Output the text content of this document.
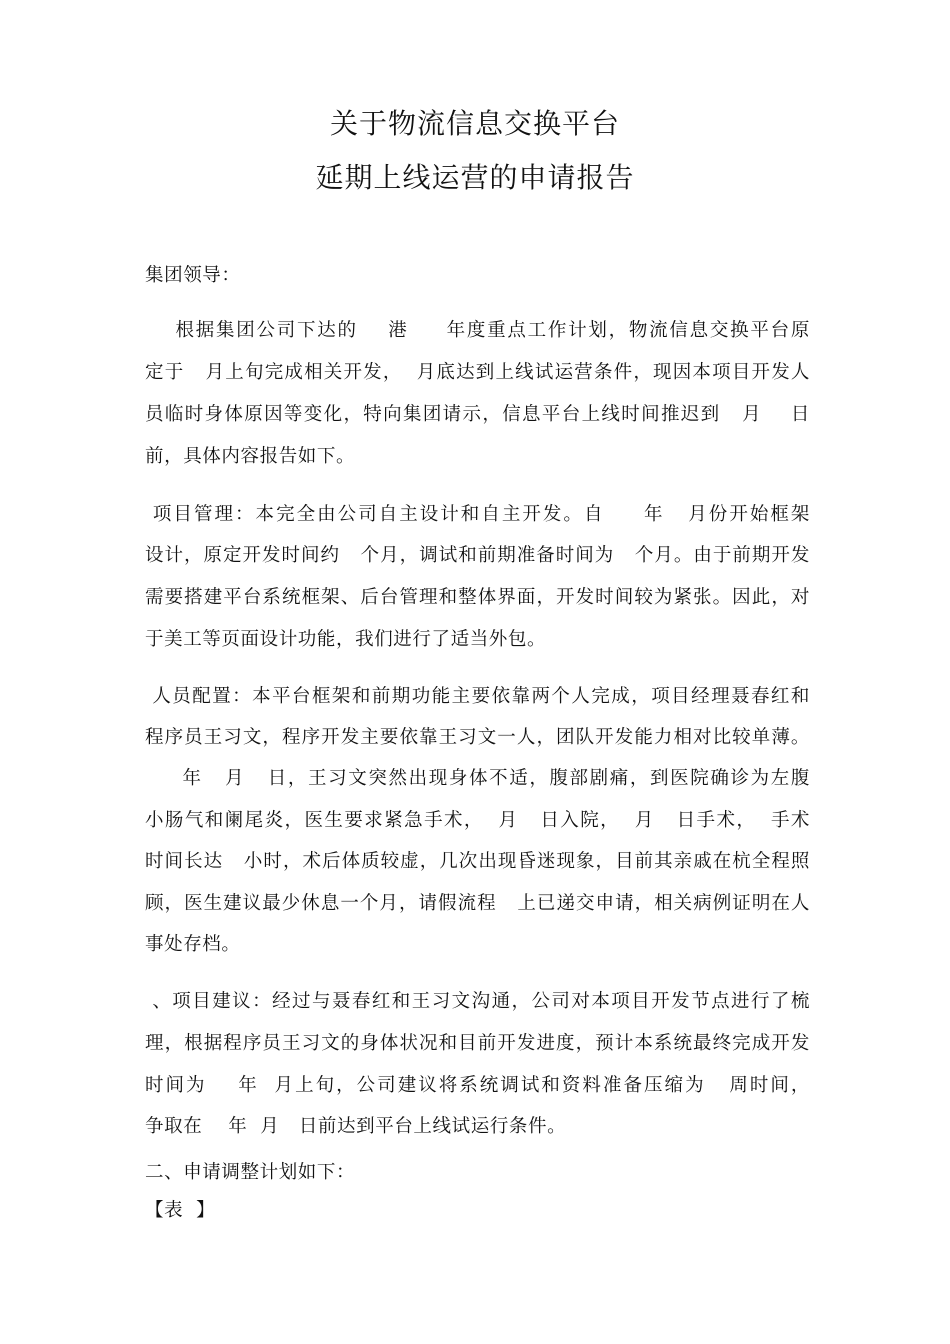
关于物流信息交换平台
延期上线运营的申请报告
集团领导：
根据集团公司下达的    港     年度重点工作计划，物流信息交换平台原
定于   月上旬完成相关开发，  月底达到上线试运营条件，现因本项目开发人
员临时身体原因等变化，特向集团请示，信息平台上线时间推迟到   月    日
前，具体内容报告如下。
项目管理：本完全由公司自主设计和自主开发。自     年   月份开始框架
设计，原定开发时间约   个月，调试和前期准备时间为   个月。由于前期开发
需要搭建平台系统框架、后台管理和整体界面，开发时间较为紧张。因此，对
于美工等页面设计功能，我们进行了适当外包。
人员配置：本平台框架和前期功能主要依靠两个人完成，项目经理聂春红和
程序员王习文，程序开发主要依靠王习文一人，团队开发能力相对比较单薄。
年   月   日，王习文突然出现身体不适，腹部剧痛，到医院确诊为左腹
小肠气和阑尾炎，医生要求紧急手术，  月   日入院，  月   日手术，  手术
时间长达   小时，术后体质较虚，几次出现昏迷现象，目前其亲戚在杭全程照
顾，医生建议最少休息一个月，请假流程   上已递交申请，相关病例证明在人
事处存档。
、项目建议：经过与聂春红和王习文沟通，公司对本项目开发节点进行了梳
理，根据程序员王习文的身体状况和目前开发进度，预计本系统最终完成开发
时间为    年  月上旬，公司建议将系统调试和资料准备压缩为   周时间，
争取在    年  月   日前达到平台上线试运行条件。
二、申请调整计划如下：
【表  】
